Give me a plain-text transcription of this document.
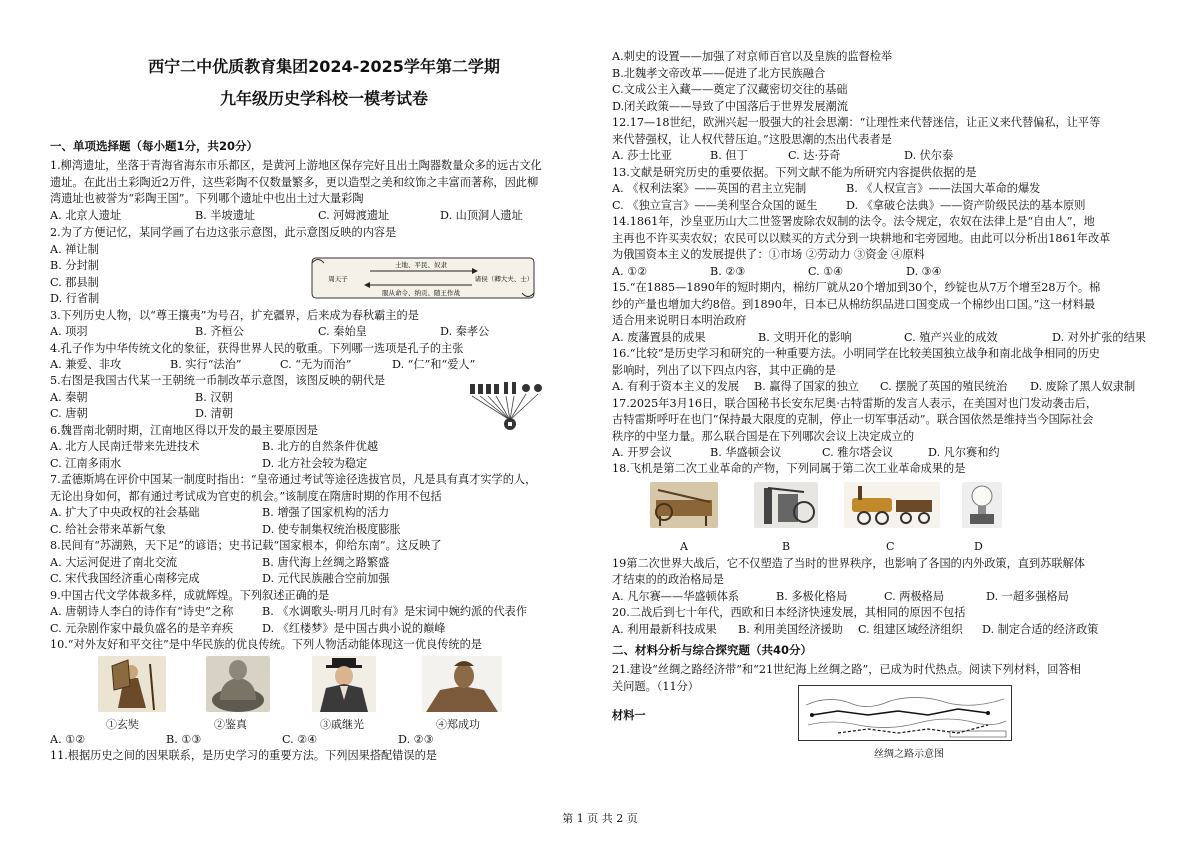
西宁二中优质教育集团2024-2025学年第二学期
九年级历史学科校一模考试卷
一、单项选择题（每小题1分，共20分）
1.柳湾遗址，坐落于青海省海东市乐都区，是黄河上游地区保存完好且出土陶器数量众多的远古文化
遗址。在此出土彩陶近2万件，这些彩陶不仅数量繁多，更以造型之美和纹饰之丰富而著称，因此柳
湾遗址也被誉为“彩陶王国”。下列哪个遗址中也出土过大量彩陶
A. 北京人遗址	B. 半坡遗址	C. 河姆渡遗址	D. 山顶洞人遗址
2.为了方便记忆，某同学画了右边这张示意图，此示意图反映的内容是
A. 禅让制
B. 分封制
C. 郡县制
D. 行省制
土地、平民、奴隶
周天子	诸侯（卿大夫、士）
服从命令、纳贡、随王作战
3.下列历史人物，以“尊王攘夷”为号召，扩充疆界，后来成为春秋霸主的是
A. 项羽	B. 齐桓公	C. 秦始皇	D. 秦孝公
4.孔子作为中华传统文化的象征，获得世界人民的敬重。下列哪一选项是孔子的主张
A. 兼爱、非攻	B. 实行“法治”	C. “无为而治”	D. “仁”和“爱人”
5.右图是我国古代某一王朝统一币制改革示意图，该图反映的朝代是
A. 秦朝	B. 汉朝
C. 唐朝	D. 清朝
6.魏晋南北朝时期，江南地区得以开发的最主要原因是
A. 北方人民南迁带来先进技术	B. 北方的自然条件优越
C. 江南多雨水	D. 北方社会较为稳定
7.孟德斯鸠在评价中国某一制度时指出：“皇帝通过考试等途径选拔官员，凡是具有真才实学的人，
无论出身如何，都有通过考试成为官吏的机会。”该制度在隋唐时期的作用不包括
A. 扩大了中央政权的社会基础	B. 增强了国家机构的活力
C. 给社会带来革新气象	D. 使专制集权统治极度膨胀
8.民间有“苏湖熟，天下足”的谚语；史书记载“国家根本，仰给东南”。这反映了
A. 大运河促进了南北交流	B. 唐代海上丝绸之路繁盛
C. 宋代我国经济重心南移完成	D. 元代民族融合空前加强
9.中国古代文学体裁多样，成就辉煌。下列叙述正确的是
A. 唐朝诗人李白的诗作有“诗史”之称	B. 《水调歌头·明月几时有》是宋词中婉约派的代表作
C. 元杂剧作家中最负盛名的是辛弃疾	D. 《红楼梦》是中国古典小说的巅峰
10.“对外友好和平交往”是中华民族的优良传统。下列人物活动能体现这一优良传统的是
①玄奘	②鉴真	③戚继光	④郑成功
A. ①②	B. ①③	C. ②④	D. ②③
11.根据历史之间的因果联系，是历史学习的重要方法。下列因果搭配错误的是
A.刺史的设置——加强了对京师百官以及皇族的监督检举
B.北魏孝文帝改革——促进了北方民族融合
C.文成公主入藏——奠定了汉藏密切交往的基础
D.闭关政策——导致了中国落后于世界发展潮流
12.17—18世纪，欧洲兴起一股强大的社会思潮：“让理性来代替迷信，让正义来代替偏私，让平等
来代替强权，让人权代替压迫。”这股思潮的杰出代表者是
A. 莎士比亚	B. 但丁	C. 达·芬奇	D. 伏尔泰
13.文献是研究历史的重要依据。下列文献不能为所研究内容提供依据的是
A. 《权利法案》——英国的君主立宪制	B. 《人权宣言》——法国大革命的爆发
C. 《独立宣言》——美利坚合众国的诞生	D. 《拿破仑法典》——资产阶级民法的基本原则
14.1861年，沙皇亚历山大二世签署废除农奴制的法令。法令规定，农奴在法律上是“自由人”，地
主再也不许买卖农奴；农民可以以赎买的方式分到一块耕地和宅旁园地。由此可以分析出1861年改革
为俄国资本主义的发展提供了：①市场 ②劳动力 ③资金 ④原料
A. ①②	B. ②③	C. ①④	D. ③④
15.“在1885—1890年的短时期内，棉纺厂就从20个增加到30个，纱锭也从7万个增至28万个。棉
纱的产量也增加大约8倍。到1890年，日本已从棉纺织品进口国变成一个棉纱出口国。”这一材料最
适合用来说明日本明治政府
A. 废藩置县的成果	B. 文明开化的影响	C. 殖产兴业的成效	D. 对外扩张的结果
16.“比较”是历史学习和研究的一种重要方法。小明同学在比较美国独立战争和南北战争相同的历史
影响时，列出了以下四点内容，其中正确的是
A. 有利于资本主义的发展 B. 赢得了国家的独立 C. 摆脱了英国的殖民统治 D. 废除了黑人奴隶制
17.2025年3月16日，联合国秘书长安东尼奥·古特雷斯的发言人表示，在美国对也门发动袭击后，
古特雷斯呼吁在也门“保持最大限度的克制，停止一切军事活动”。联合国依然是维持当今国际社会
秩序的中坚力量。那么联合国是在下列哪次会议上决定成立的
A. 开罗会议	B. 华盛顿会议	C. 雅尔塔会议	D. 凡尔赛和约
18.飞机是第二次工业革命的产物，下列同属于第二次工业革命成果的是
A	B	C	D
19第二次世界大战后，它不仅塑造了当时的世界秩序，也影响了各国的内外政策，直到苏联解体
才结束的的政治格局是
A. 凡尔赛——华盛顿体系	B. 多极化格局	C. 两极格局	D. 一超多强格局
20.二战后到七十年代，西欧和日本经济快速发展，其相同的原因不包括
A. 利用最新科技成果 B. 利用美国经济援助 C. 组建区域经济组织 D. 制定合适的经济政策
二、材料分析与综合探究题（共40分）
21.建设“丝绸之路经济带”和“21世纪海上丝绸之路”，已成为时代热点。阅读下列材料，回答相
关问题。（11分）
材料一
丝绸之路示意图
第 1 页 共 2 页
